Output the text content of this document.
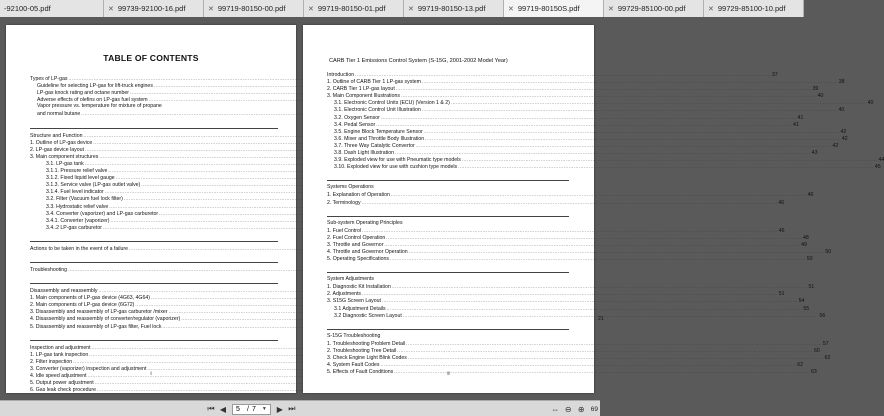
-92100-05.pdf	✕ 99739-92100-16.pdf	✕ 99719-80150-00.pdf	✕ 99719-80150-01.pdf	✕ 99719-80150-13.pdf	✕ 99719-80150S.pdf	✕ 99729-85100-00.pdf	✕ 99729-85100-10.pdf
TABLE OF CONTENTS
Types of LP-gas
.....
Guideline for selecting LP-gas for lift-truck engines
.....
LP-gas knock rating and octane number
.....
Adverse effects of olefins on LP-gas fuel system
.....
Vapor pressure vs. temperature for mixture of propane
and normal butane
.....
Structure and Function
.....
1. Outline of LP-gas device
.....
2. LP-gas device layout
.....
3. Main component structures
.....
3.1. LP-gas tank
.....
3.1.1. Pressure relief valve
.....
3.1.2. Fixed liquid level gauge
.....
3.1.3. Service valve (LP-gas outlet valve)
.....
3.1.4. Fuel level indicator
.....
3.2. Filter (Vacuum fuel lock filter)
.....
3.3. Hydrostatic relief valve
.....
3.4. Converter (vaporizer) and LP-gas carburetor
.....
3.4.1. Converter (vaporizer)
.....
3.4..2 LP-gas carburetor
.....
Actions to be taken in the event of a failure
.....
Troubleshooting
.....
Disassembly and reassembly
.....
1. Main components of LP-gas device (4G63, 4G64)
.....
2. Main components of LP-gas device (6G72)
.....
3. Disassembly and reassembly of LP-gas carburetor /mixer
.....
4. Disassembly and reassembly of converter/regulator (vaporizer) .....	21
5. Disassembly and reassembly of LP-gas filter, Fuel lock
.....
Inspection and adjustment
.....
1. LP-gas tank inspection
.....
2. Filter inspection
.....
3. Converter (vaporizer) inspection and adjustment
.....
4. Idle speed adjustment
.....
5. Output power adjustment
.....
6. Gas leak check procedure
.....
i
CARB Tier 1 Emissions Control System (S-15G, 2001-2002 Model Year)
Introduction .....	37
1. Outline of CARB Tier 1 LP-gas system .....	38
2. CARB Tier 1 LP-gas layout .....	39
3. Main Component Illustrations .....	40
3.1. Electronic Control Units (ECU) (Version 1 & 2) .....	40
3.1. Electronic Control Unit Illustration .....	40
3.2. Oxygen Sensor .....	41
3.4. Pedal Sensor .....	41
3.5. Engine Block Temperature Sensor .....	42
3.6. Mixer and Throttle Body Illustration .....	42
3.7. Three Way Catalytic Convertor .....	42
3.8. Dash Light Illustration .....	43
3.9. Exploded view for use with Pneumatic type models .....	44
3.10. Exploded view for use with cushion type models .....	45
Systems Operations
1. Explanation of Operation .....	46
2. Terminology .....	46
Sub-system Operating Principles
1. Fuel Control .....	46
2. Fuel Control Operation .....	48
3. Throttle and Governor .....	49
4. Throttle and Governor Operation .....	50
5. Operating Specifications .....	50
System Adjustments
1. Diagnostic Kit Installation .....	51
2. Adjustments .....	51
3. S15G Screen Layout .....	54
3.1 Adjustment Details .....	55
3.2 Diagnostic Screen Layout .....	56
S-15G Troubleshooting
1. Troubleshooting Problem Detail .....	57
2. Troubleshooting Tree Detail .....	60
3. Check Engine Light Blink Codes .....	62
4. System Fault Codes .....	62
5. Effects of Fault Conditions .....	63
ii
⏮ ◀	5	/ 7 ▼	▶ ⏭	⇔ ⊖ ⊕ 69
